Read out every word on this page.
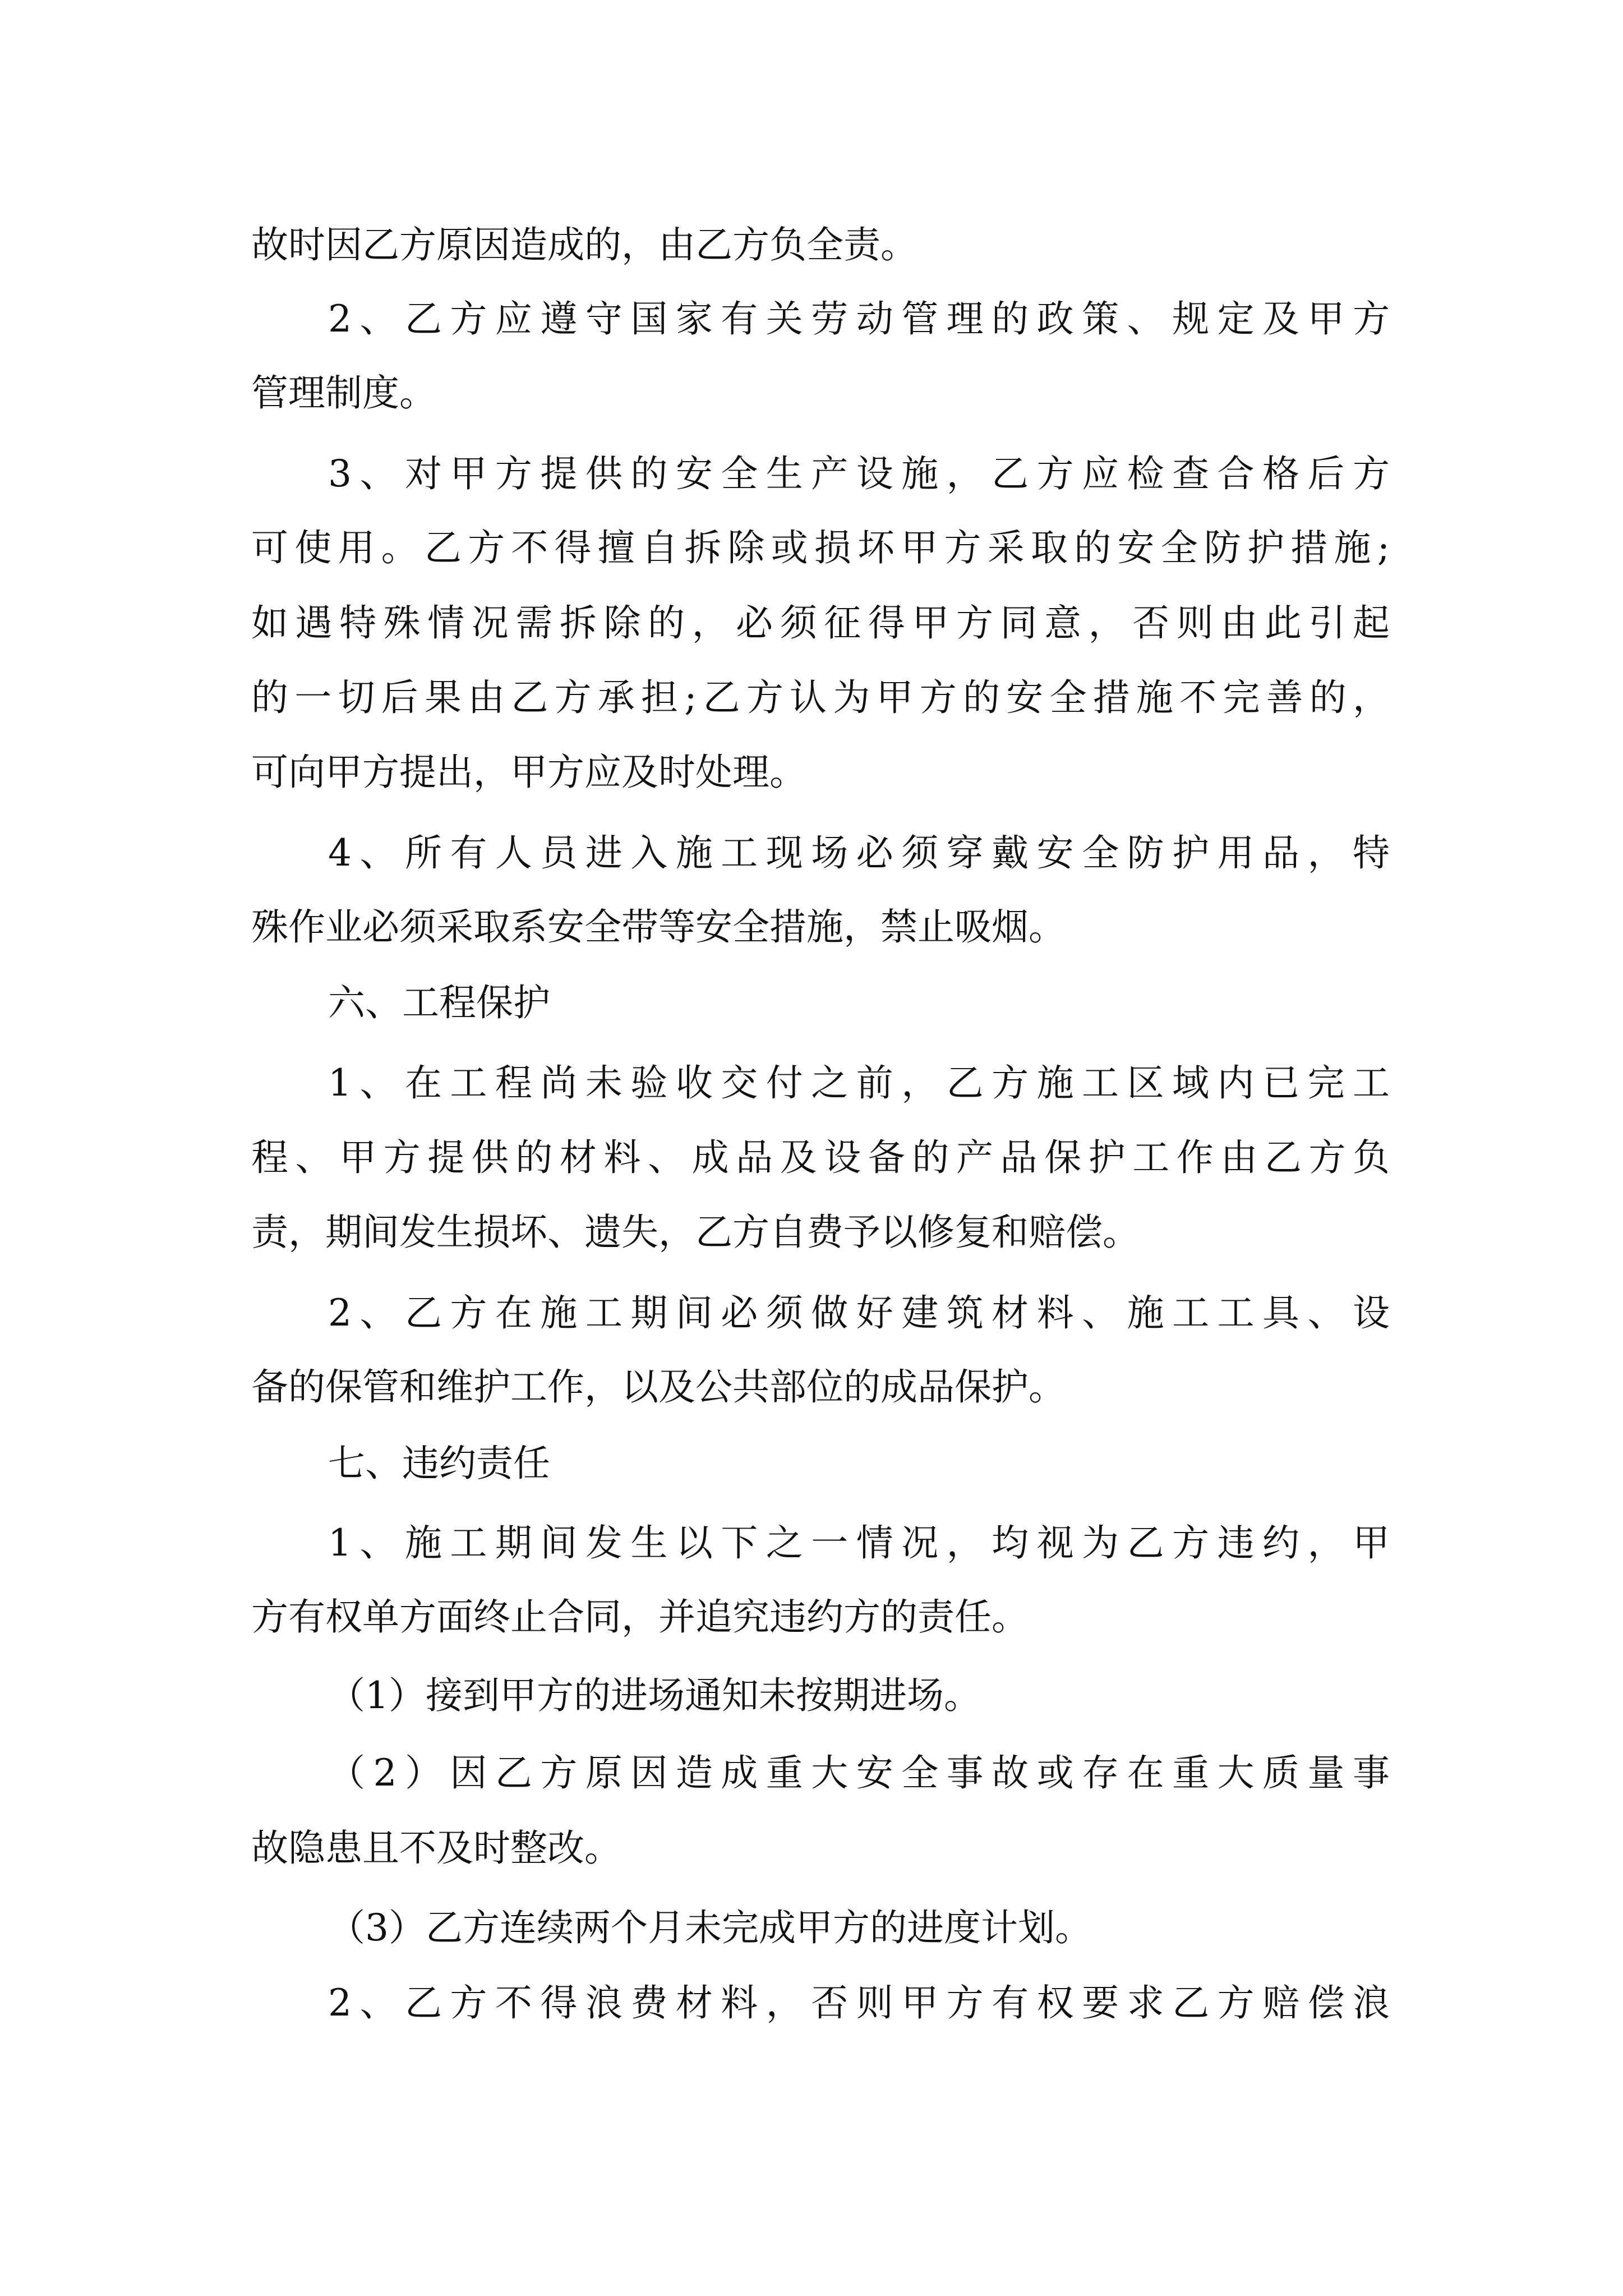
故时因乙方原因造成的，由乙方负全责。
2、乙方应遵守国家有关劳动管理的政策、规定及甲方
管理制度。
3、对甲方提供的安全生产设施，乙方应检查合格后方
可使用。乙方不得擅自拆除或损坏甲方采取的安全防护措施;
如遇特殊情况需拆除的，必须征得甲方同意，否则由此引起
的一切后果由乙方承担;乙方认为甲方的安全措施不完善的，
可向甲方提出，甲方应及时处理。
4、所有人员进入施工现场必须穿戴安全防护用品，特
殊作业必须采取系安全带等安全措施，禁止吸烟。
六、工程保护
1、在工程尚未验收交付之前，乙方施工区域内已完工
程、甲方提供的材料、成品及设备的产品保护工作由乙方负
责，期间发生损坏、遗失，乙方自费予以修复和赔偿。
2、乙方在施工期间必须做好建筑材料、施工工具、设
备的保管和维护工作，以及公共部位的成品保护。
七、违约责任
1、施工期间发生以下之一情况，均视为乙方违约，甲
方有权单方面终止合同，并追究违约方的责任。
（1）接到甲方的进场通知未按期进场。
（2）因乙方原因造成重大安全事故或存在重大质量事
故隐患且不及时整改。
（3）乙方连续两个月未完成甲方的进度计划。
2、乙方不得浪费材料，否则甲方有权要求乙方赔偿浪
